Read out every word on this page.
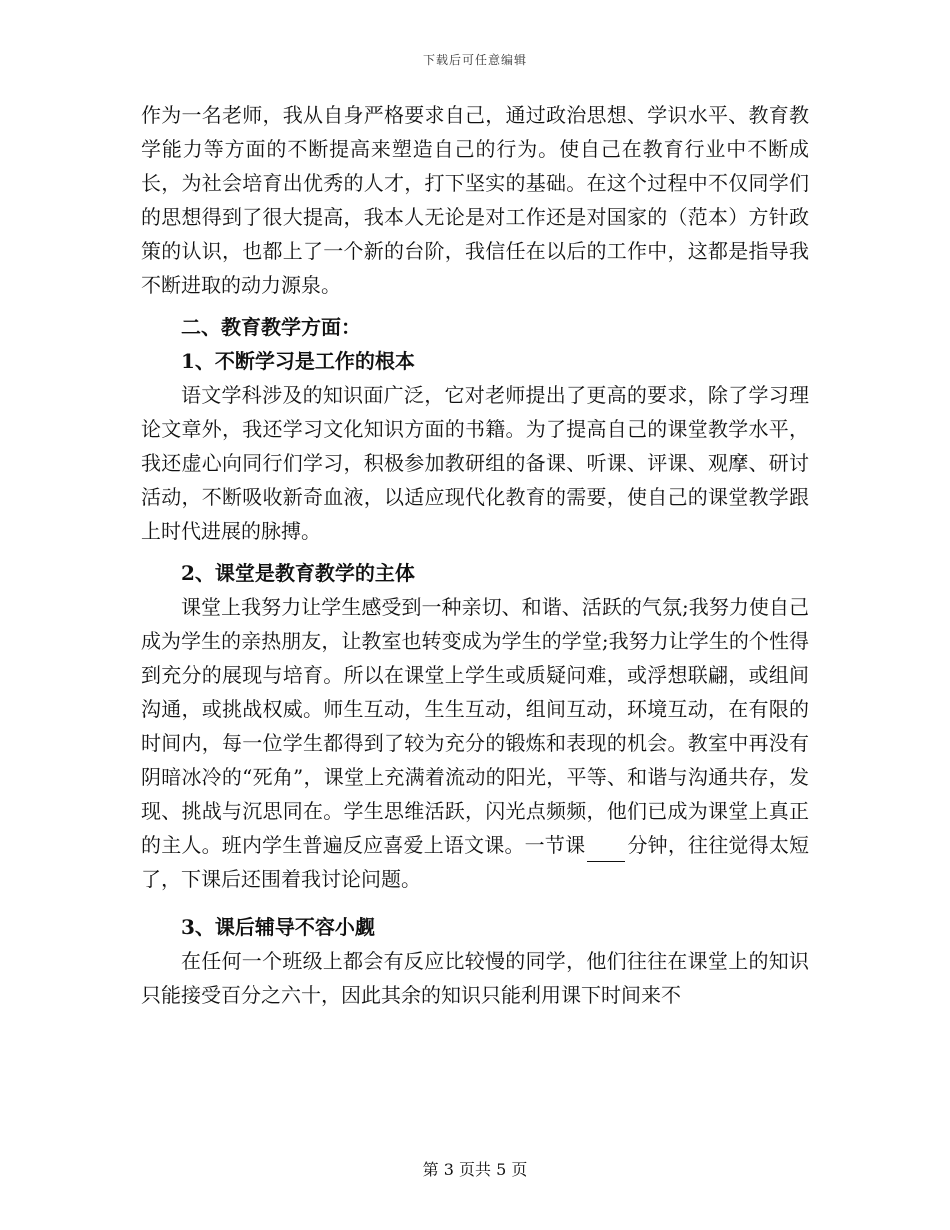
下载后可任意编辑

作为一名老师，我从自身严格要求自己，通过政治思想、学识水平、教育教学能力等方面的不断提高来塑造自己的行为。使自己在教育行业中不断成长，为社会培育出优秀的人才，打下坚实的基础。在这个过程中不仅同学们的思想得到了很大提高，我本人无论是对工作还是对国家的（范本）方针政策的认识，也都上了一个新的台阶，我信任在以后的工作中，这都是指导我不断进取的动力源泉。

二、教育教学方面：

1、不断学习是工作的根本

语文学科涉及的知识面广泛，它对老师提出了更高的要求，除了学习理论文章外，我还学习文化知识方面的书籍。为了提高自己的课堂教学水平，我还虚心向同行们学习，积极参加教研组的备课、听课、评课、观摩、研讨活动，不断吸收新奇血液，以适应现代化教育的需要，使自己的课堂教学跟上时代进展的脉搏。

2、课堂是教育教学的主体

课堂上我努力让学生感受到一种亲切、和谐、活跃的气氛;我努力使自己成为学生的亲热朋友，让教室也转变成为学生的学堂;我努力让学生的个性得到充分的展现与培育。所以在课堂上学生或质疑问难，或浮想联翩，或组间沟通，或挑战权威。师生互动，生生互动，组间互动，环境互动，在有限的时间内，每一位学生都得到了较为充分的锻炼和表现的机会。教室中再没有阴暗冰冷的“死角”，课堂上充满着流动的阳光，平等、和谐与沟通共存，发现、挑战与沉思同在。学生思维活跃，闪光点频频，他们已成为课堂上真正的主人。班内学生普遍反应喜爱上语文课。一节课 分钟，往往觉得太短了，下课后还围着我讨论问题。

3、课后辅导不容小觑

在任何一个班级上都会有反应比较慢的同学，他们往往在课堂上的知识只能接受百分之六十，因此其余的知识只能利用课下时间来不

第 3 页共 5 页
